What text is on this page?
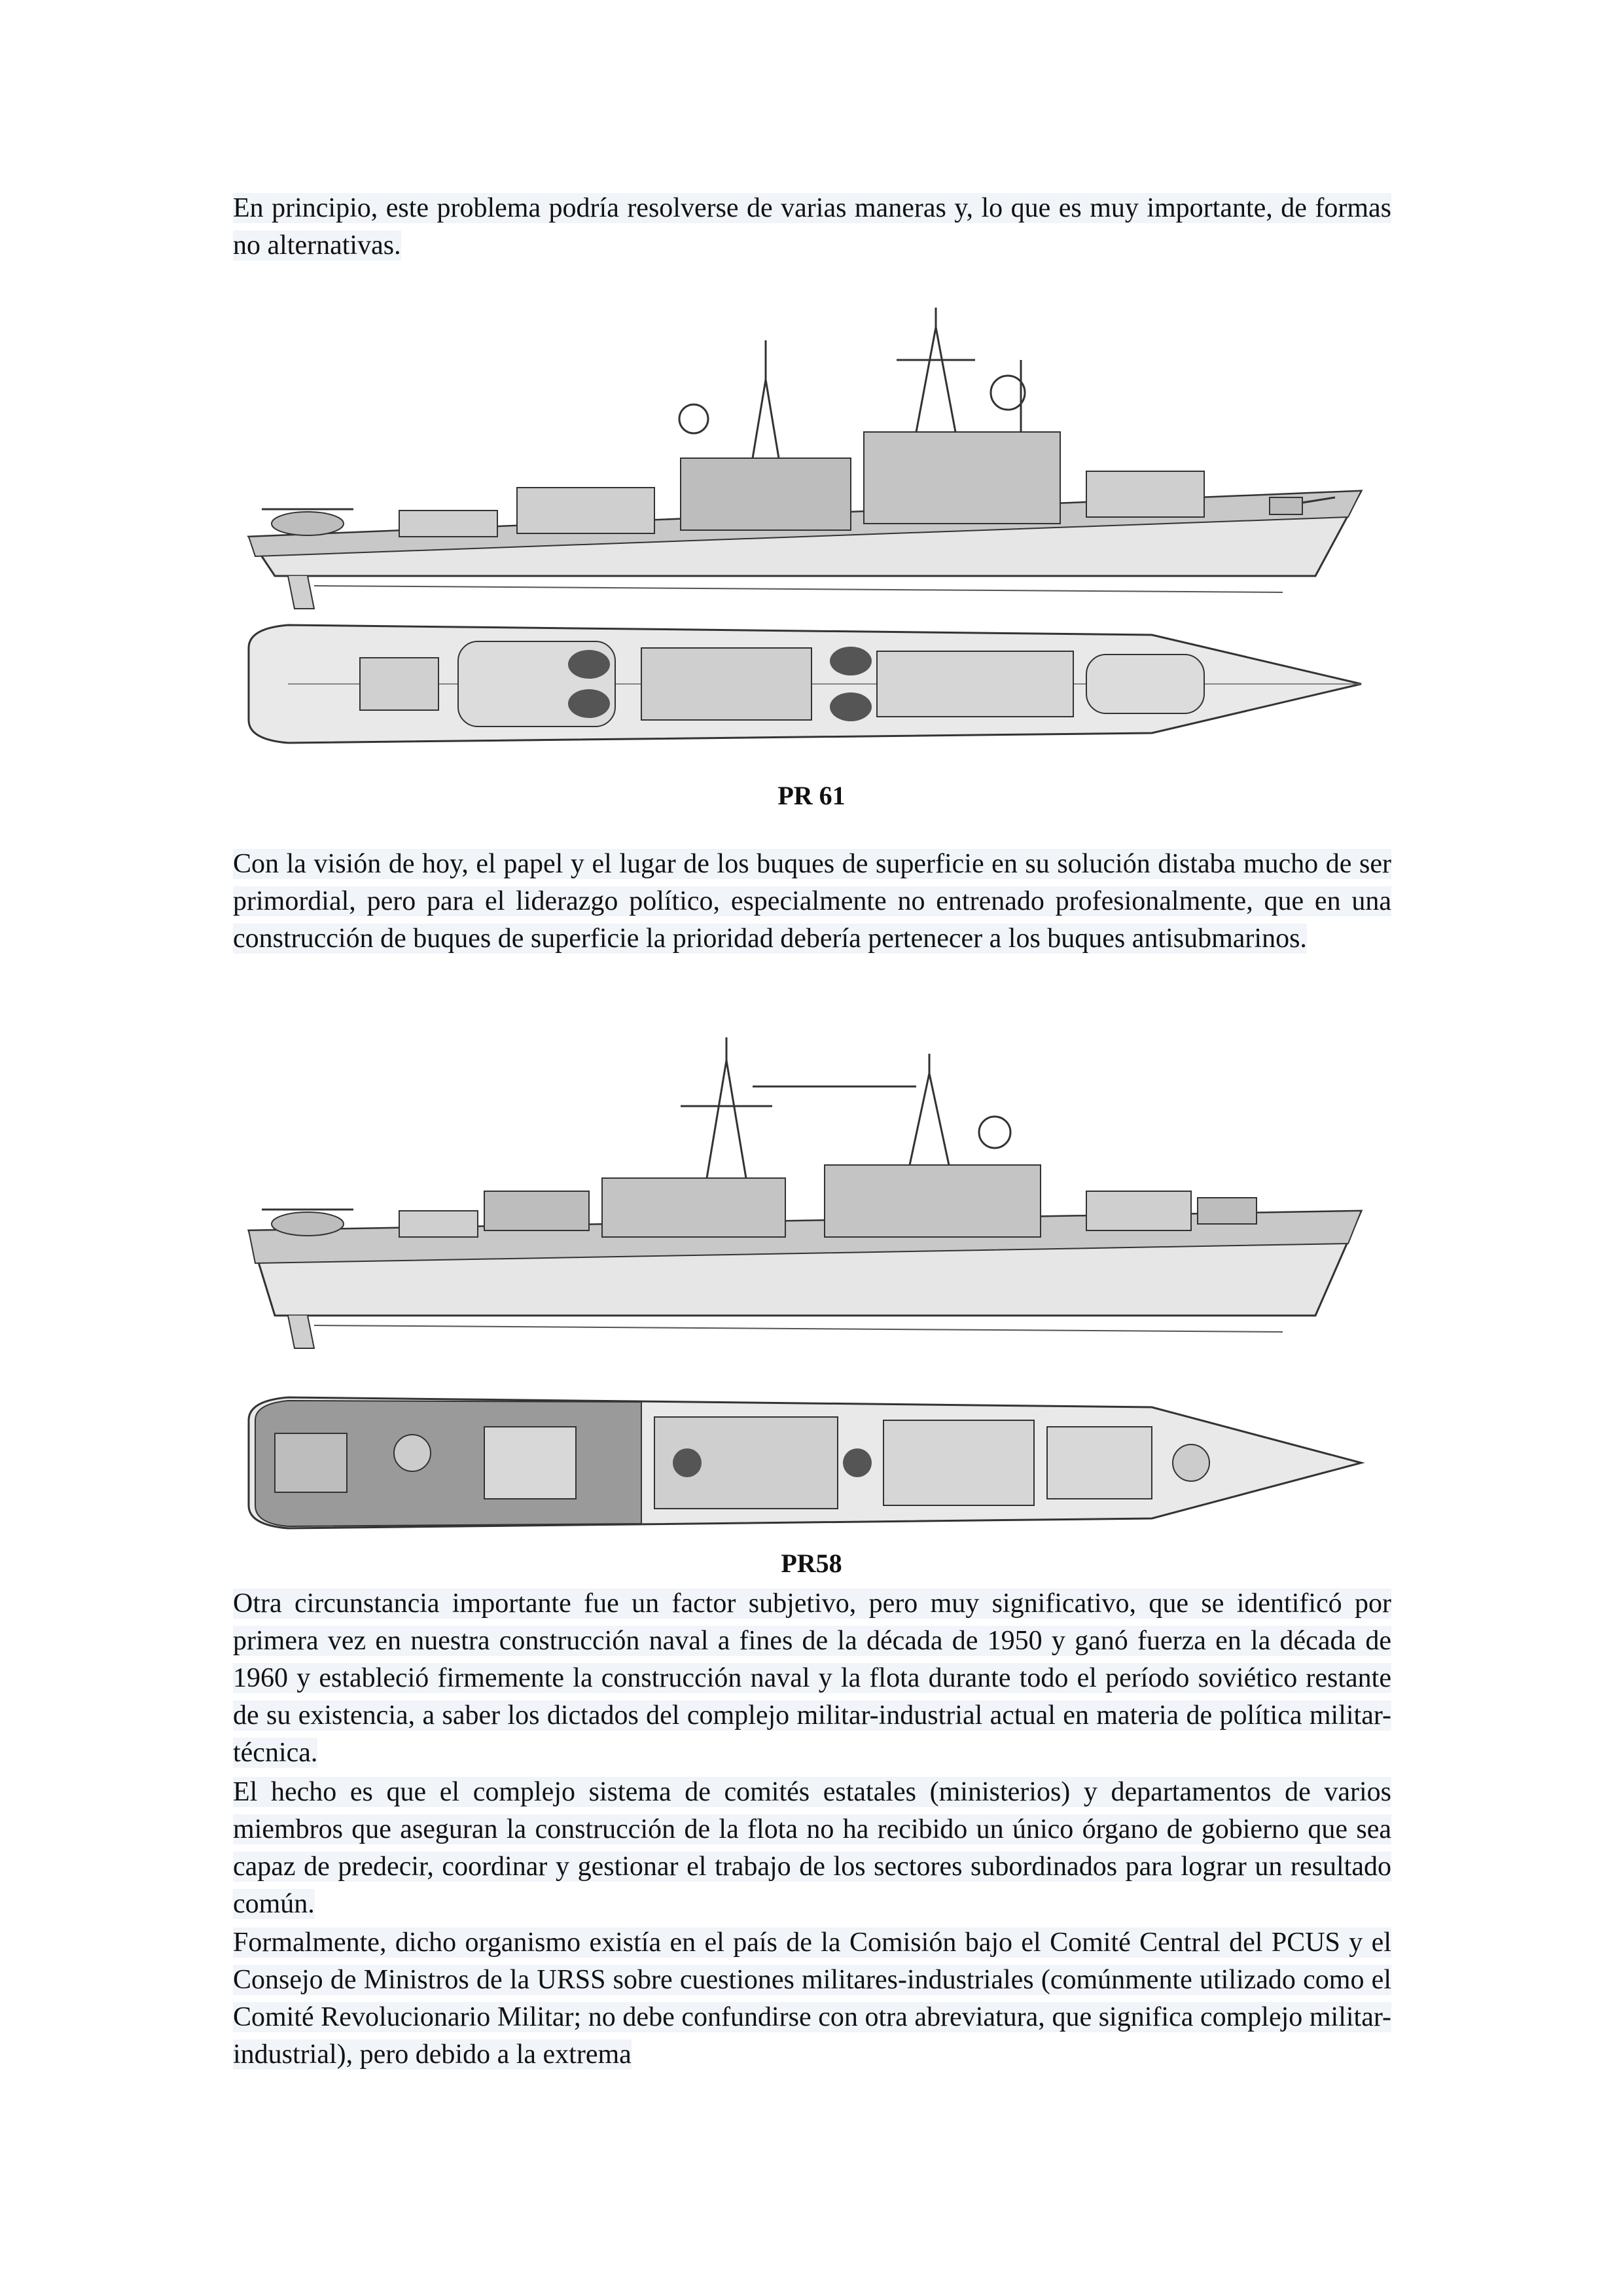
En principio, este problema podría resolverse de varias maneras y, lo que es muy importante, de formas no alternativas.

PR 61

Con la visión de hoy, el papel y el lugar de los buques de superficie en su solución distaba mucho de ser primordial, pero para el liderazgo político, especialmente no entrenado profesionalmente, que en una construcción de buques de superficie la prioridad debería pertenecer a los buques antisubmarinos.

PR58

Otra circunstancia importante fue un factor subjetivo, pero muy significativo, que se identificó por primera vez en nuestra construcción naval a fines de la década de 1950 y ganó fuerza en la década de 1960 y estableció firmemente la construcción naval y la flota durante todo el período soviético restante de su existencia, a saber los dictados del complejo militar-industrial actual en materia de política militar-técnica.

El hecho es que el complejo sistema de comités estatales (ministerios) y departamentos de varios miembros que aseguran la construcción de la flota no ha recibido un único órgano de gobierno que sea capaz de predecir, coordinar y gestionar el trabajo de los sectores subordinados para lograr un resultado común.

Formalmente, dicho organismo existía en el país de la Comisión bajo el Comité Central del PCUS y el Consejo de Ministros de la URSS sobre cuestiones militares-industriales (comúnmente utilizado como el Comité Revolucionario Militar; no debe confundirse con otra abreviatura, que significa complejo militar-industrial), pero debido a la extrema
